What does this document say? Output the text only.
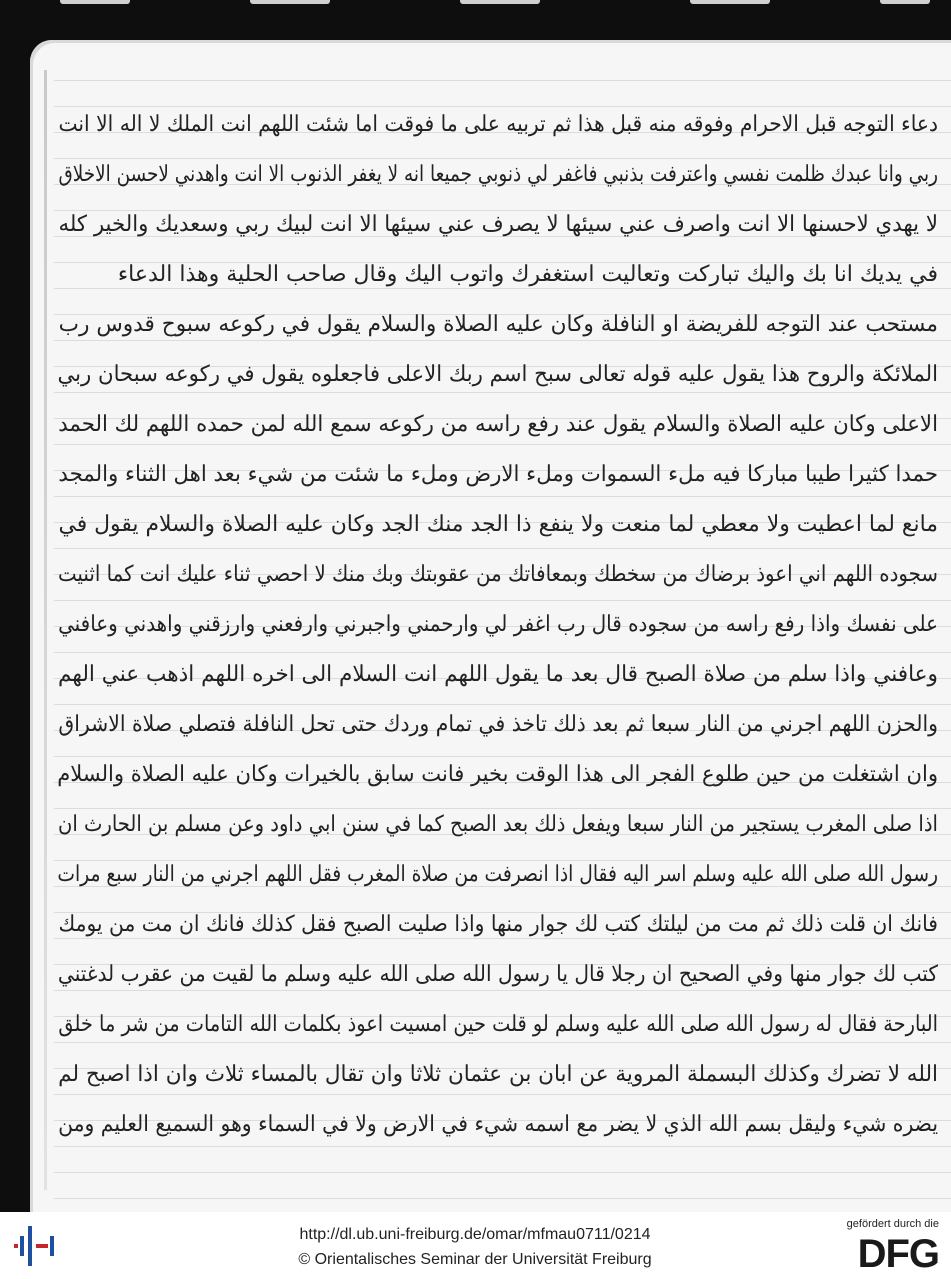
دعاء التوجه قبل الاحرام وفوقه منه قبل هذا ثم تربيه على ما فوقت اما شئت اللهم انت الملك لا اله الا انت
ربي وانا عبدك ظلمت نفسي واعترفت بذنبي فاغفر لي ذنوبي جميعا انه لا يغفر الذنوب الا انت واهدني لاحسن الاخلاق
لا يهدي لاحسنها الا انت واصرف عني سيئها لا يصرف عني سيئها الا انت لبيك ربي وسعديك والخير كله
في يديك انا بك واليك تباركت وتعاليت استغفرك واتوب اليك وقال صاحب الحلية وهذا الدعاء
مستحب عند التوجه للفريضة او النافلة وكان عليه الصلاة والسلام يقول في ركوعه سبوح قدوس رب
الملائكة والروح هذا يقول عليه قوله تعالى سبح اسم ربك الاعلى فاجعلوه يقول في ركوعه سبحان ربي
الاعلى وكان عليه الصلاة والسلام يقول عند رفع راسه من ركوعه سمع الله لمن حمده اللهم لك الحمد
حمدا كثيرا طيبا مباركا فيه ملء السموات وملء الارض وملء ما شئت من شيء بعد اهل الثناء والمجد
مانع لما اعطيت ولا معطي لما منعت ولا ينفع ذا الجد منك الجد وكان عليه الصلاة والسلام يقول في
سجوده اللهم اني اعوذ برضاك من سخطك وبمعافاتك من عقوبتك وبك منك لا احصي ثناء عليك انت كما اثنيت
على نفسك واذا رفع راسه من سجوده قال رب اغفر لي وارحمني واجبرني وارفعني وارزقني واهدني وعافني
وعافني واذا سلم من صلاة الصبح قال بعد ما يقول اللهم انت السلام الى اخره اللهم اذهب عني الهم
والحزن اللهم اجرني من النار سبعا ثم بعد ذلك تاخذ في تمام وردك حتى تحل النافلة فتصلي صلاة الاشراق
وان اشتغلت من حين طلوع الفجر الى هذا الوقت بخير فانت سابق بالخيرات وكان عليه الصلاة والسلام
اذا صلى المغرب يستجير من النار سبعا ويفعل ذلك بعد الصبح كما في سنن ابي داود وعن مسلم بن الحارث ان
رسول الله صلى الله عليه وسلم اسر اليه فقال اذا انصرفت من صلاة المغرب فقل اللهم اجرني من النار سبع مرات
فانك ان قلت ذلك ثم مت من ليلتك كتب لك جوار منها واذا صليت الصبح فقل كذلك فانك ان مت من يومك
كتب لك جوار منها وفي الصحيح ان رجلا قال يا رسول الله صلى الله عليه وسلم ما لقيت من عقرب لدغتني
البارحة فقال له رسول الله صلى الله عليه وسلم لو قلت حين امسيت اعوذ بكلمات الله التامات من شر ما خلق
الله لا تضرك وكذلك البسملة المروية عن ابان بن عثمان ثلاثا وان تقال بالمساء ثلاث وان اذا اصبح لم
يضره شيء وليقل بسم الله الذي لا يضر مع اسمه شيء في الارض ولا في السماء وهو السميع العليم ومن
http://dl.ub.uni-freiburg.de/omar/mfmau0711/0214
© Orientalisches Seminar der Universität Freiburg
gefördert durch die
DFG
